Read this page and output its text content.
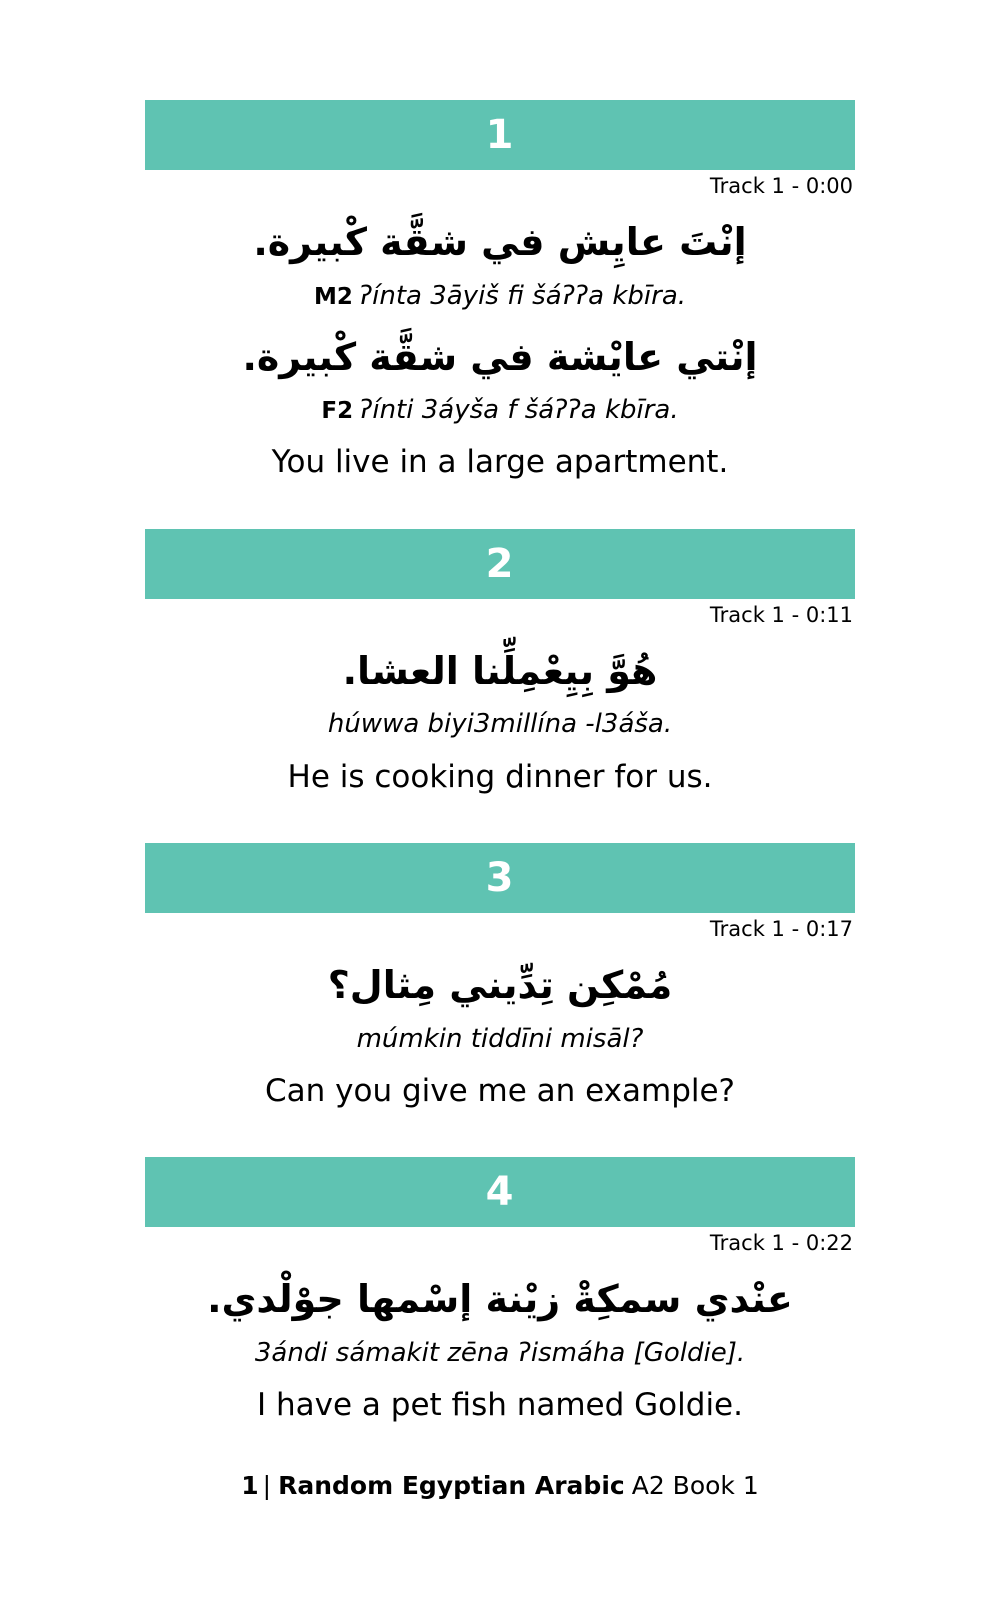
1
Track 1 - 0:00
إنْتَ عايِش في شقَّة كْبيرة.
M2 ʔínta 3āyiš fi šáʔʔa kbīra.
إنْتي عايْشة في شقَّة كْبيرة.
F2 ʔínti 3áyša f šáʔʔa kbīra.
You live in a large apartment.
2
Track 1 - 0:11
هُوَّ بِيِعْمِلِّنا العشا.
húwwa biyi3millína -l3áša.
He is cooking dinner for us.
3
Track 1 - 0:17
مُمْكِن تِدِّيني مِثال؟
múmkin tiddīni misāl?
Can you give me an example?
4
Track 1 - 0:22
عنْدي سمكِةْ زيْنة إسْمها جوْلْدي.
3ándi sámakit zēna ʔismáha [Goldie].
I have a pet fish named Goldie.
1 | Random Egyptian Arabic A2 Book 1
